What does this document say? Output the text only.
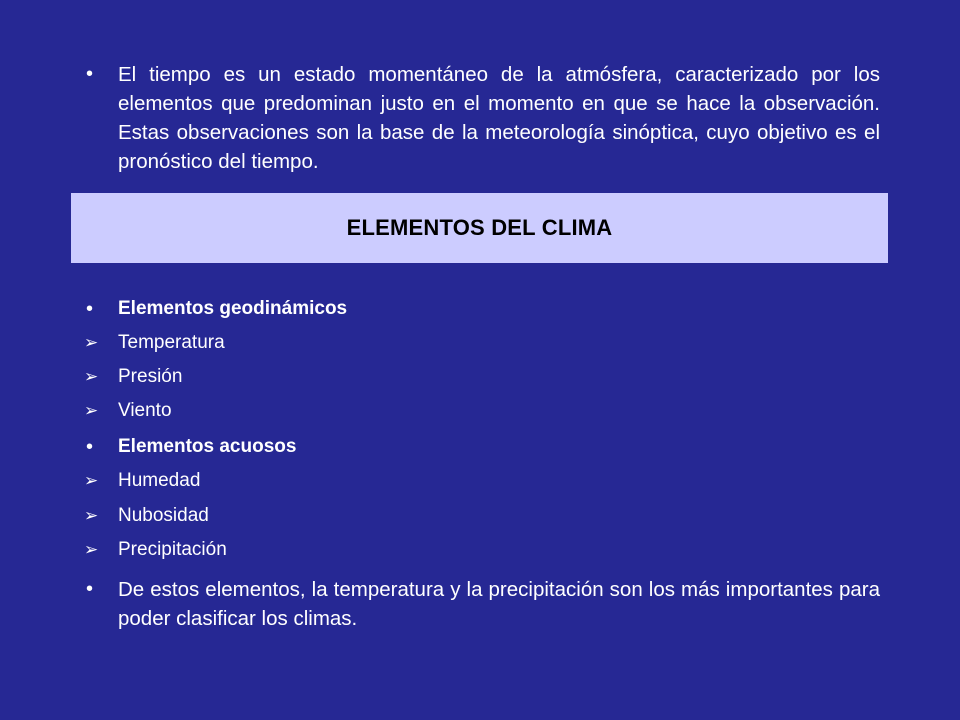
• El tiempo es un estado momentáneo de la atmósfera, caracterizado por los elementos que predominan justo en el momento en que se hace la observación. Estas observaciones son la base de la meteorología sinóptica, cuyo objetivo es el pronóstico del tiempo.

ELEMENTOS DEL CLIMA
• Elementos geodinámicos
➢ Temperatura
➢ Presión
➢ Viento
• Elementos acuosos
➢ Humedad
➢ Nubosidad
➢ Precipitación
• De estos elementos, la temperatura y la precipitación son los más importantes para poder clasificar los climas.
